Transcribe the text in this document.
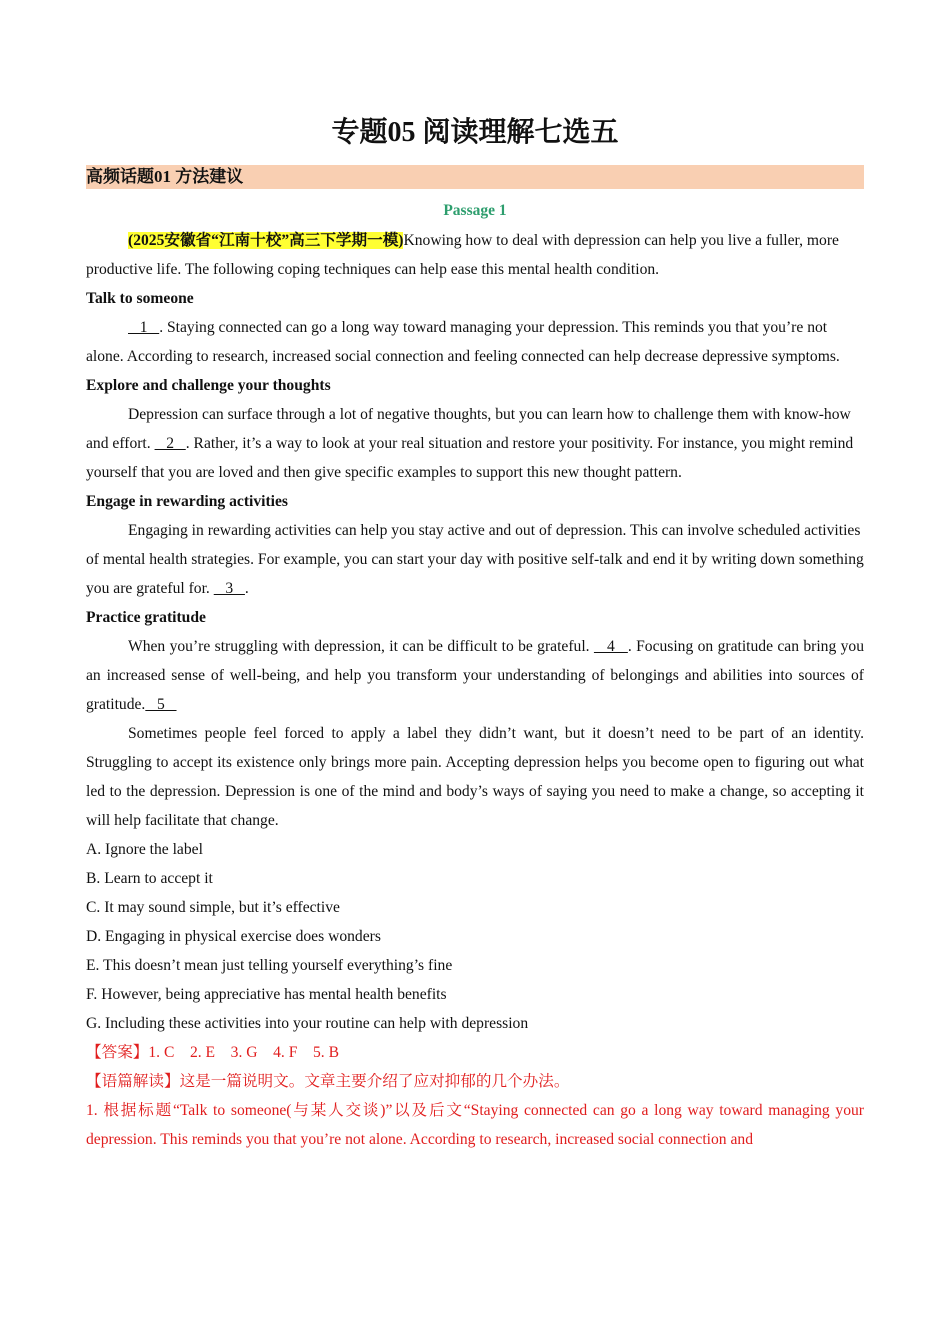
专题05 阅读理解七选五
高频话题01 方法建议
Passage 1

(2025安徽省“江南十校”高三下学期一模)Knowing how to deal with depression can help you live a fuller, more productive life. The following coping techniques can help ease this mental health condition.

Talk to someone

1   . Staying connected can go a long way toward managing your depression. This reminds you that you’re not alone. According to research, increased social connection and feeling connected can help decrease depressive symptoms.

Explore and challenge your thoughts

Depression can surface through a lot of negative thoughts, but you can learn how to challenge them with know-how and effort.    2   . Rather, it’s a way to look at your real situation and restore your positivity. For instance, you might remind yourself that you are loved and then give specific examples to support this new thought pattern.

Engage in rewarding activities

Engaging in rewarding activities can help you stay active and out of depression. This can involve scheduled activities of mental health strategies. For example, you can start your day with positive self-talk and end it by writing down something you are grateful for.    3   .

Practice gratitude

When you’re struggling with depression, it can be difficult to be grateful.    4   . Focusing on gratitude can bring you an increased sense of well-being, and help you transform your understanding of belongings and abilities into sources of gratitude.   5

Sometimes people feel forced to apply a label they didn’t want, but it doesn’t need to be part of an identity. Struggling to accept its existence only brings more pain. Accepting depression helps you become open to figuring out what led to the depression. Depression is one of the mind and body’s ways of saying you need to make a change, so accepting it will help facilitate that change.

A. Ignore the label

B. Learn to accept it

C. It may sound simple, but it’s effective

D. Engaging in physical exercise does wonders

E. This doesn’t mean just telling yourself everything’s fine

F. However, being appreciative has mental health benefits

G. Including these activities into your routine can help with depression

【答案】1. C    2. E    3. G    4. F    5. B

【语篇解读】这是一篇说明文。文章主要介绍了应对抑郁的几个办法。

1. 根据标题“Talk to someone(与某人交谈)”以及后文“Staying connected can go a long way toward managing your depression. This reminds you that you’re not alone. According to research, increased social connection and
